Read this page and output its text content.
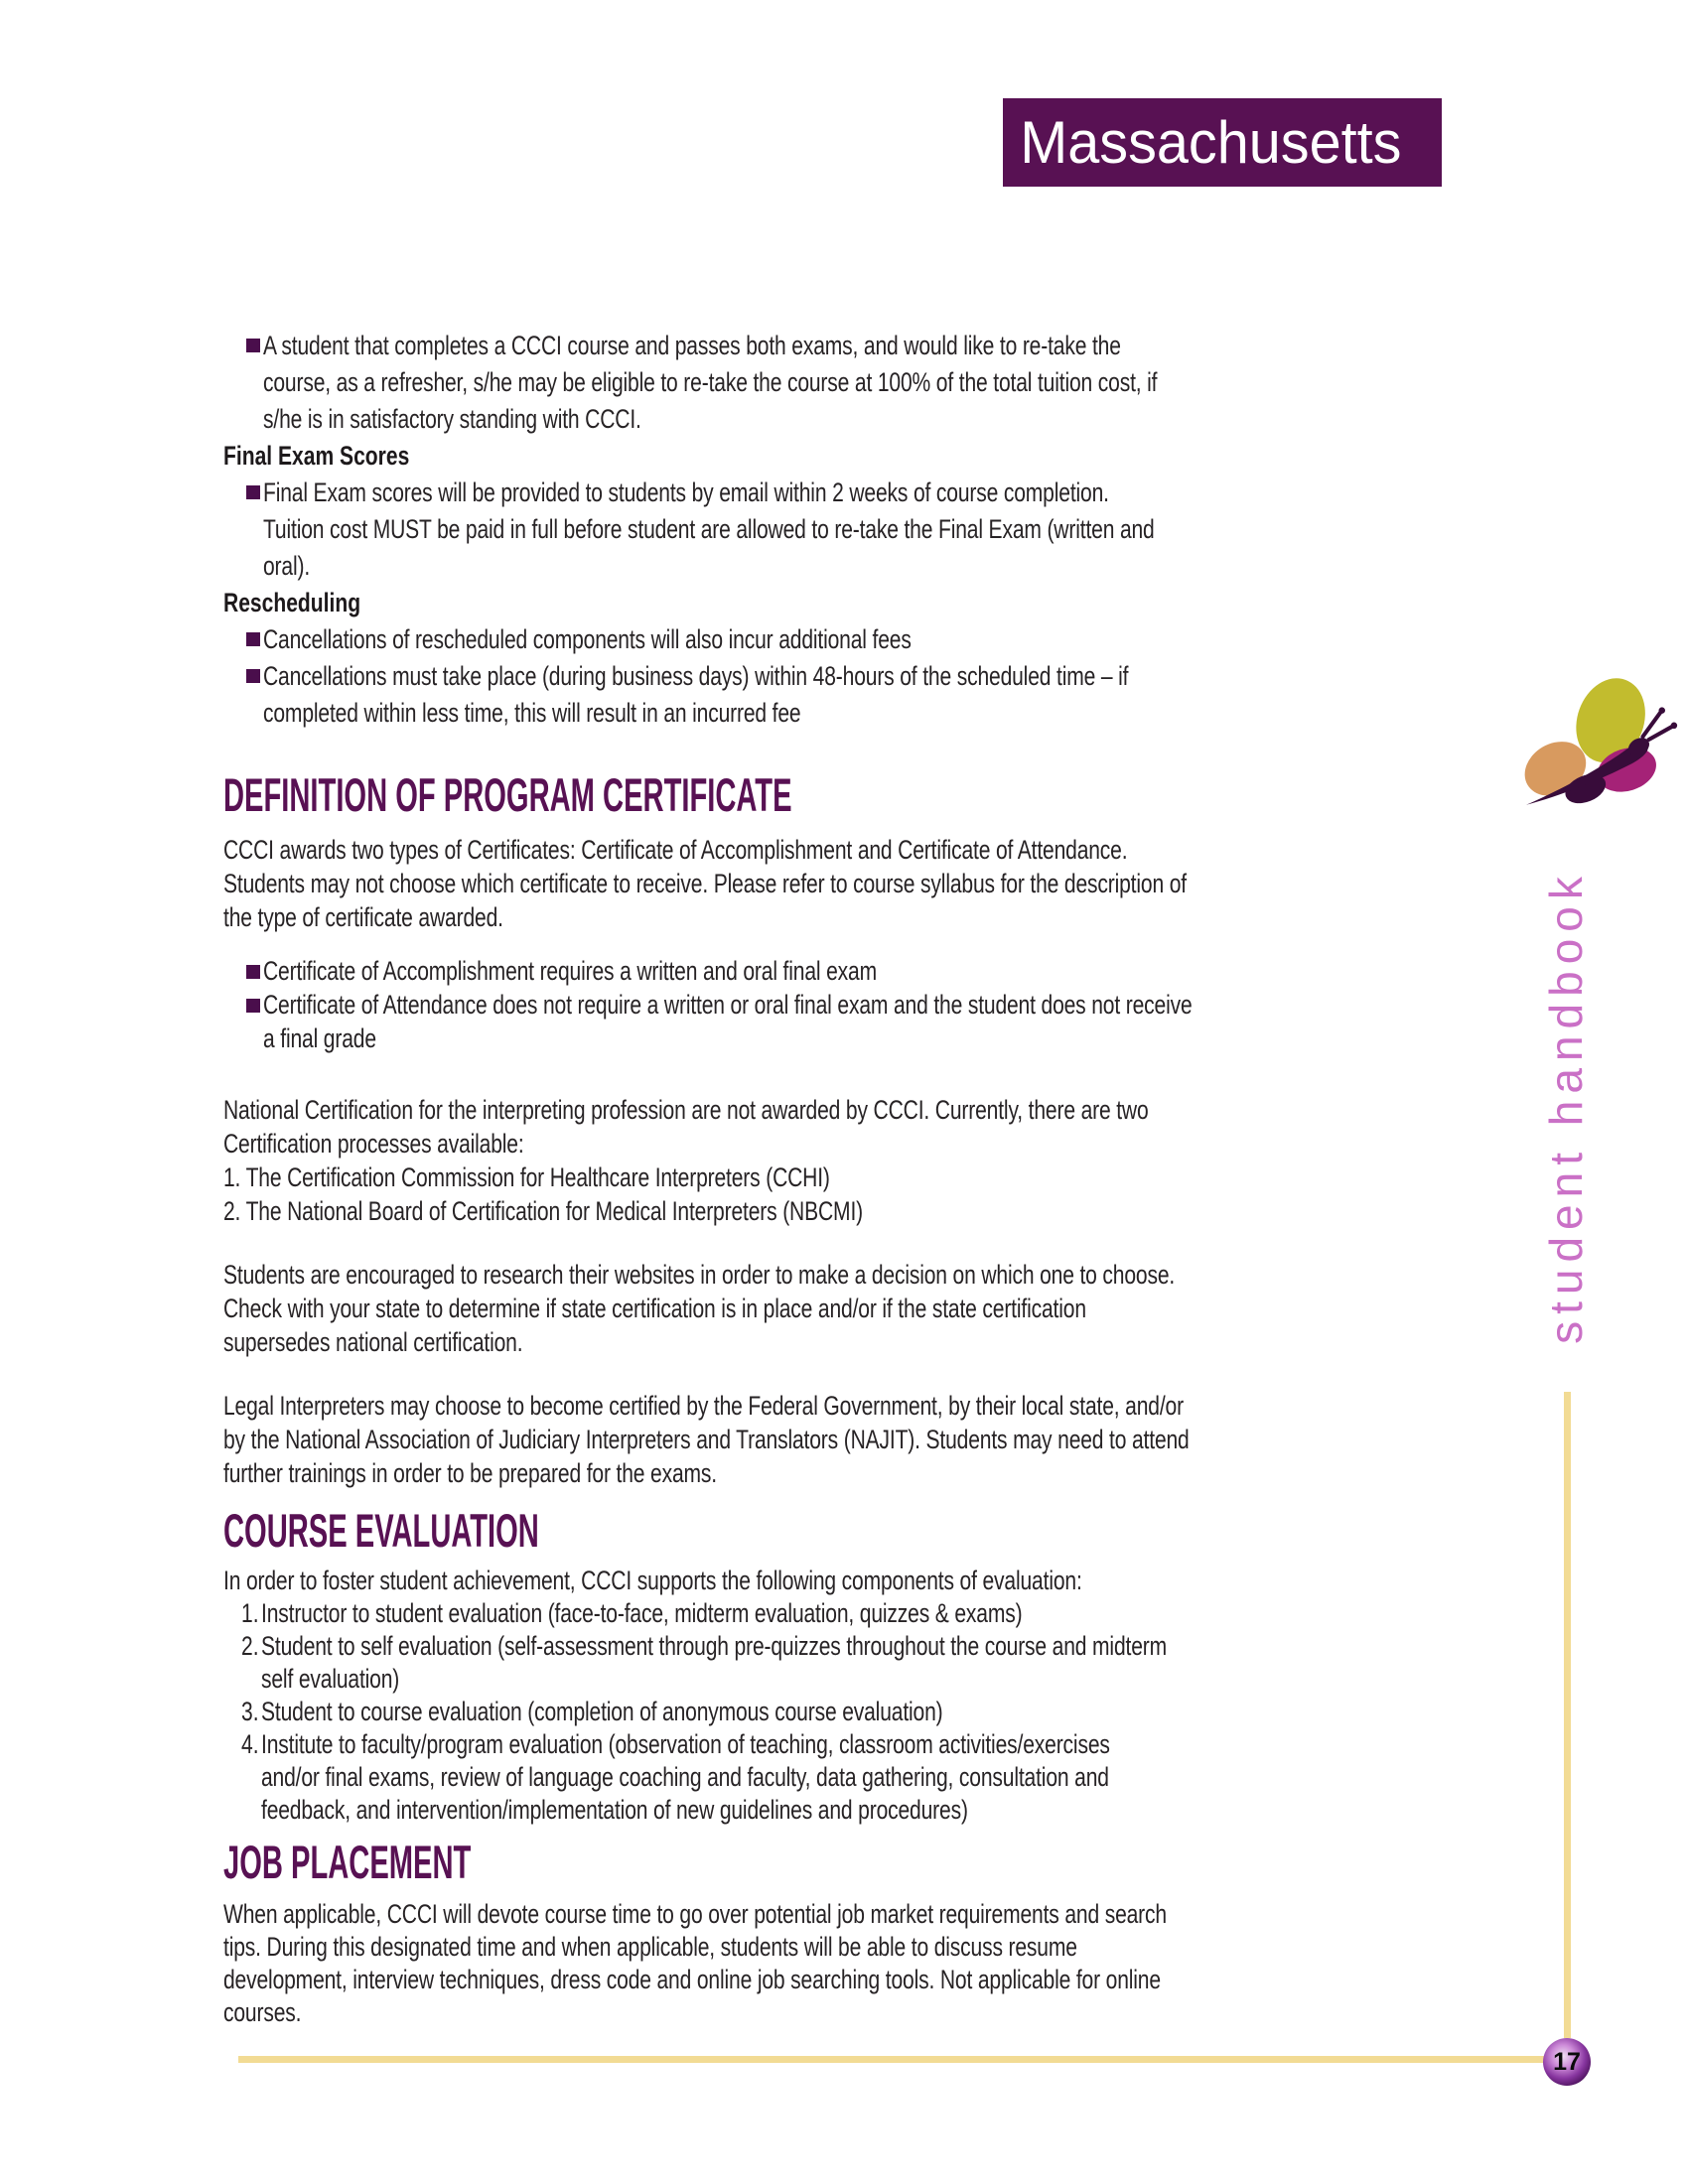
Massachusetts
A student that completes a CCCI course and passes both exams, and would like to re-take the
course, as a refresher, s/he may be eligible to re-take the course at 100% of the total tuition cost, if
s/he is in satisfactory standing with CCCI.
Final Exam Scores
Final Exam scores will be provided to students by email within 2 weeks of course completion.
Tuition cost MUST be paid in full before student are allowed to re-take the Final Exam (written and
oral).
Rescheduling
Cancellations of rescheduled components will also incur additional fees
Cancellations must take place (during business days) within 48-hours of the scheduled time – if
completed within less time, this will result in an incurred fee
DEFINITION OF PROGRAM CERTIFICATE
CCCI awards two types of Certificates: Certificate of Accomplishment and Certificate of Attendance.
Students may not choose which certificate to receive. Please refer to course syllabus for the description of
the type of certificate awarded.
Certificate of Accomplishment requires a written and oral final exam
Certificate of Attendance does not require a written or oral final exam and the student does not receive
a final grade
National Certification for the interpreting profession are not awarded by CCCI. Currently, there are two
Certification processes available:
1. The Certification Commission for Healthcare Interpreters (CCHI)
2. The National Board of Certification for Medical Interpreters (NBCMI)
Students are encouraged to research their websites in order to make a decision on which one to choose.
Check with your state to determine if state certification is in place and/or if the state certification
supersedes national certification.
Legal Interpreters may choose to become certified by the Federal Government, by their local state, and/or
by the National Association of Judiciary Interpreters and Translators (NAJIT). Students may need to attend
further trainings in order to be prepared for the exams.
COURSE EVALUATION
In order to foster student achievement, CCCI supports the following components of evaluation:
1. Instructor to student evaluation (face-to-face, midterm evaluation, quizzes & exams)
2. Student to self evaluation (self-assessment through pre-quizzes throughout the course and midterm
self evaluation)
3. Student to course evaluation (completion of anonymous course evaluation)
4. Institute to faculty/program evaluation (observation of teaching, classroom activities/exercises
and/or final exams, review of language coaching and faculty, data gathering, consultation and
feedback, and intervention/implementation of new guidelines and procedures)
JOB PLACEMENT
When applicable, CCCI will devote course time to go over potential job market requirements and search
tips. During this designated time and when applicable, students will be able to discuss resume
development, interview techniques, dress code and online job searching tools. Not applicable for online
courses.
student handbook
17
